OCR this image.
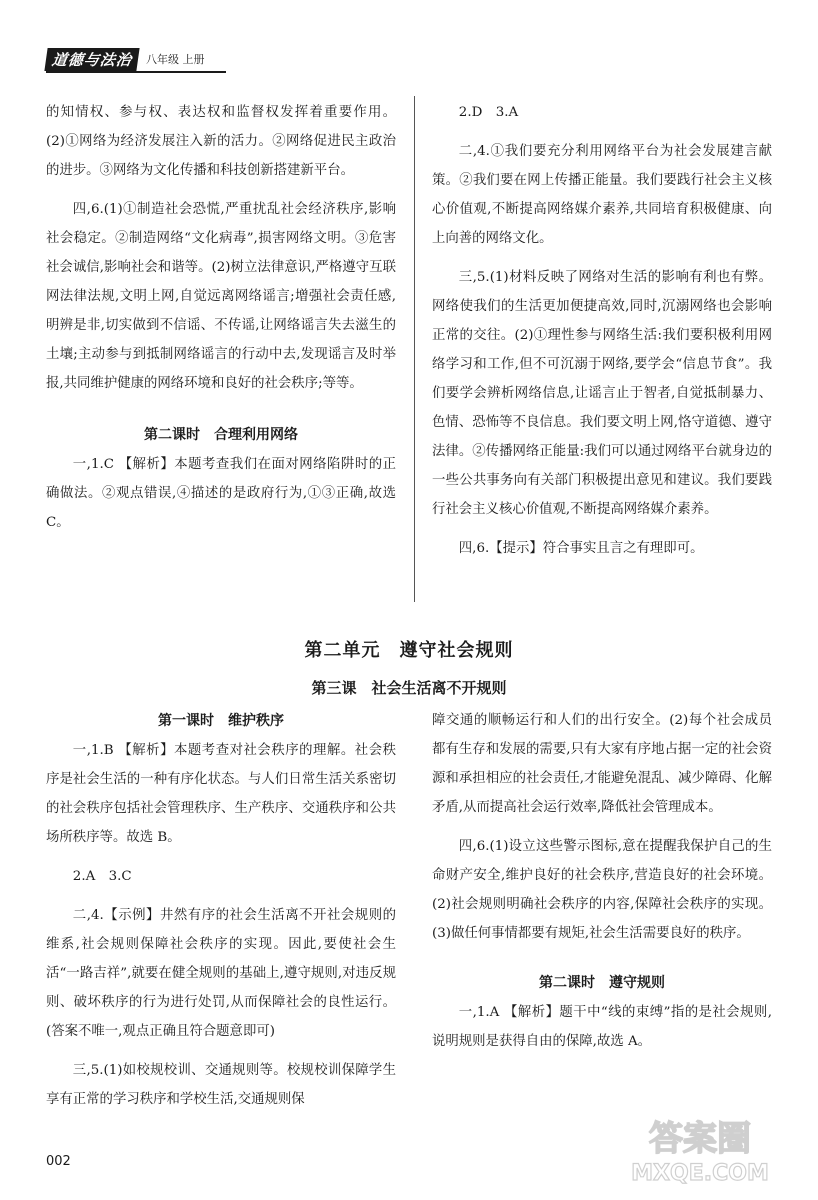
道德与法治	八年级 上册

的知情权、参与权、表达权和监督权发挥着重要作用。(2)①网络为经济发展注入新的活力。②网络促进民主政治的进步。③网络为文化传播和科技创新搭建新平台。

四,6.(1)①制造社会恐慌,严重扰乱社会经济秩序,影响社会稳定。②制造网络“文化病毒”,损害网络文明。③危害社会诚信,影响社会和谐等。(2)树立法律意识,严格遵守互联网法律法规,文明上网,自觉远离网络谣言;增强社会责任感,明辨是非,切实做到不信谣、不传谣,让网络谣言失去滋生的土壤;主动参与到抵制网络谣言的行动中去,发现谣言及时举报,共同维护健康的网络环境和良好的社会秩序;等等。

第二课时　合理利用网络

一,1.C 【解析】本题考查我们在面对网络陷阱时的正确做法。②观点错误,④描述的是政府行为,①③正确,故选 C。

2.D　3.A

二,4.①我们要充分利用网络平台为社会发展建言献策。②我们要在网上传播正能量。我们要践行社会主义核心价值观,不断提高网络媒介素养,共同培育积极健康、向上向善的网络文化。

三,5.(1)材料反映了网络对生活的影响有利也有弊。网络使我们的生活更加便捷高效,同时,沉溺网络也会影响正常的交往。(2)①理性参与网络生活:我们要积极利用网络学习和工作,但不可沉溺于网络,要学会“信息节食”。我们要学会辨析网络信息,让谣言止于智者,自觉抵制暴力、色情、恐怖等不良信息。我们要文明上网,恪守道德、遵守法律。②传播网络正能量:我们可以通过网络平台就身边的一些公共事务向有关部门积极提出意见和建议。我们要践行社会主义核心价值观,不断提高网络媒介素养。

四,6.【提示】符合事实且言之有理即可。

第二单元　遵守社会规则
第三课　社会生活离不开规则
第一课时　维护秩序

一,1.B 【解析】本题考查对社会秩序的理解。社会秩序是社会生活的一种有序化状态。与人们日常生活关系密切的社会秩序包括社会管理秩序、生产秩序、交通秩序和公共场所秩序等。故选 B。

2.A　3.C

二,4.【示例】井然有序的社会生活离不开社会规则的维系,社会规则保障社会秩序的实现。因此,要使社会生活“一路吉祥”,就要在健全规则的基础上,遵守规则,对违反规则、破坏秩序的行为进行处罚,从而保障社会的良性运行。(答案不唯一,观点正确且符合题意即可)

三,5.(1)如校规校训、交通规则等。校规校训保障学生享有正常的学习秩序和学校生活,交通规则保

障交通的顺畅运行和人们的出行安全。(2)每个社会成员都有生存和发展的需要,只有大家有序地占据一定的社会资源和承担相应的社会责任,才能避免混乱、减少障碍、化解矛盾,从而提高社会运行效率,降低社会管理成本。

四,6.(1)设立这些警示图标,意在提醒我保护自己的生命财产安全,维护良好的社会秩序,营造良好的社会环境。(2)社会规则明确社会秩序的内容,保障社会秩序的实现。(3)做任何事情都要有规矩,社会生活需要良好的秩序。

第二课时　遵守规则

一,1.A 【解析】题干中“线的束缚”指的是社会规则,说明规则是获得自由的保障,故选 A。

002
答案圈
MXQE.COM
